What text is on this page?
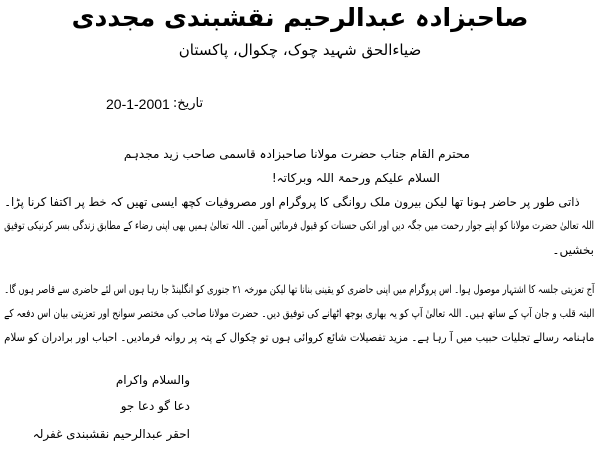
صاحبزادہ عبدالرحیم نقشبندی مجددی
ضیاءالحق شہید چوک، چکوال، پاکستان
تاریخ:
20-1-2001
محترم القام جناب حضرت مولانا صاحبزادہ قاسمی صاحب زید مجدہم
السلام علیکم ورحمۃ اللہ وبرکاتہ!
ذاتی طور پر حاضر ہونا تھا لیکن بیرون ملک روانگی کا پروگرام اور مصروفیات کچھ ایسی تھیں کہ خط پر اکتفا کرنا پڑا۔
اللہ تعالیٰ حضرت مولانا کو اپنے جوار رحمت میں جگہ دیں اور انکی حسنات کو قبول فرمائیں آمین۔ اللہ تعالیٰ ہمیں بھی اپنی رضاء کے مطابق زندگی بسر کرنیکی توفیق
بخشیں۔
آج تعزیتی جلسہ کا اشتہار موصول ہوا۔ اس پروگرام میں اپنی حاضری کو یقینی بنانا تھا لیکن مورخہ ۲۱ جنوری کو انگلینڈ جا رہا ہوں اس لئے حاضری سے قاصر ہوں گا۔
البتہ قلب و جان آپ کے ساتھ ہیں۔ اللہ تعالیٰ آپ کو یہ بھاری بوجھ اٹھانے کی توفیق دیں۔ حضرت مولانا صاحب کی مختصر سوانح اور تعزیتی بیان اس دفعہ کے
ماہنامہ رسالے تجلیات حبیب میں آ رہا ہے۔ مزید تفصیلات شائع کروائی ہوں تو چکوال کے پتہ پر روانہ فرمادیں۔ احباب اور برادران کو سلام
والسلام واکرام
دعا گو دعا جو
احقر عبدالرحیم نقشبندی غفرلہ
